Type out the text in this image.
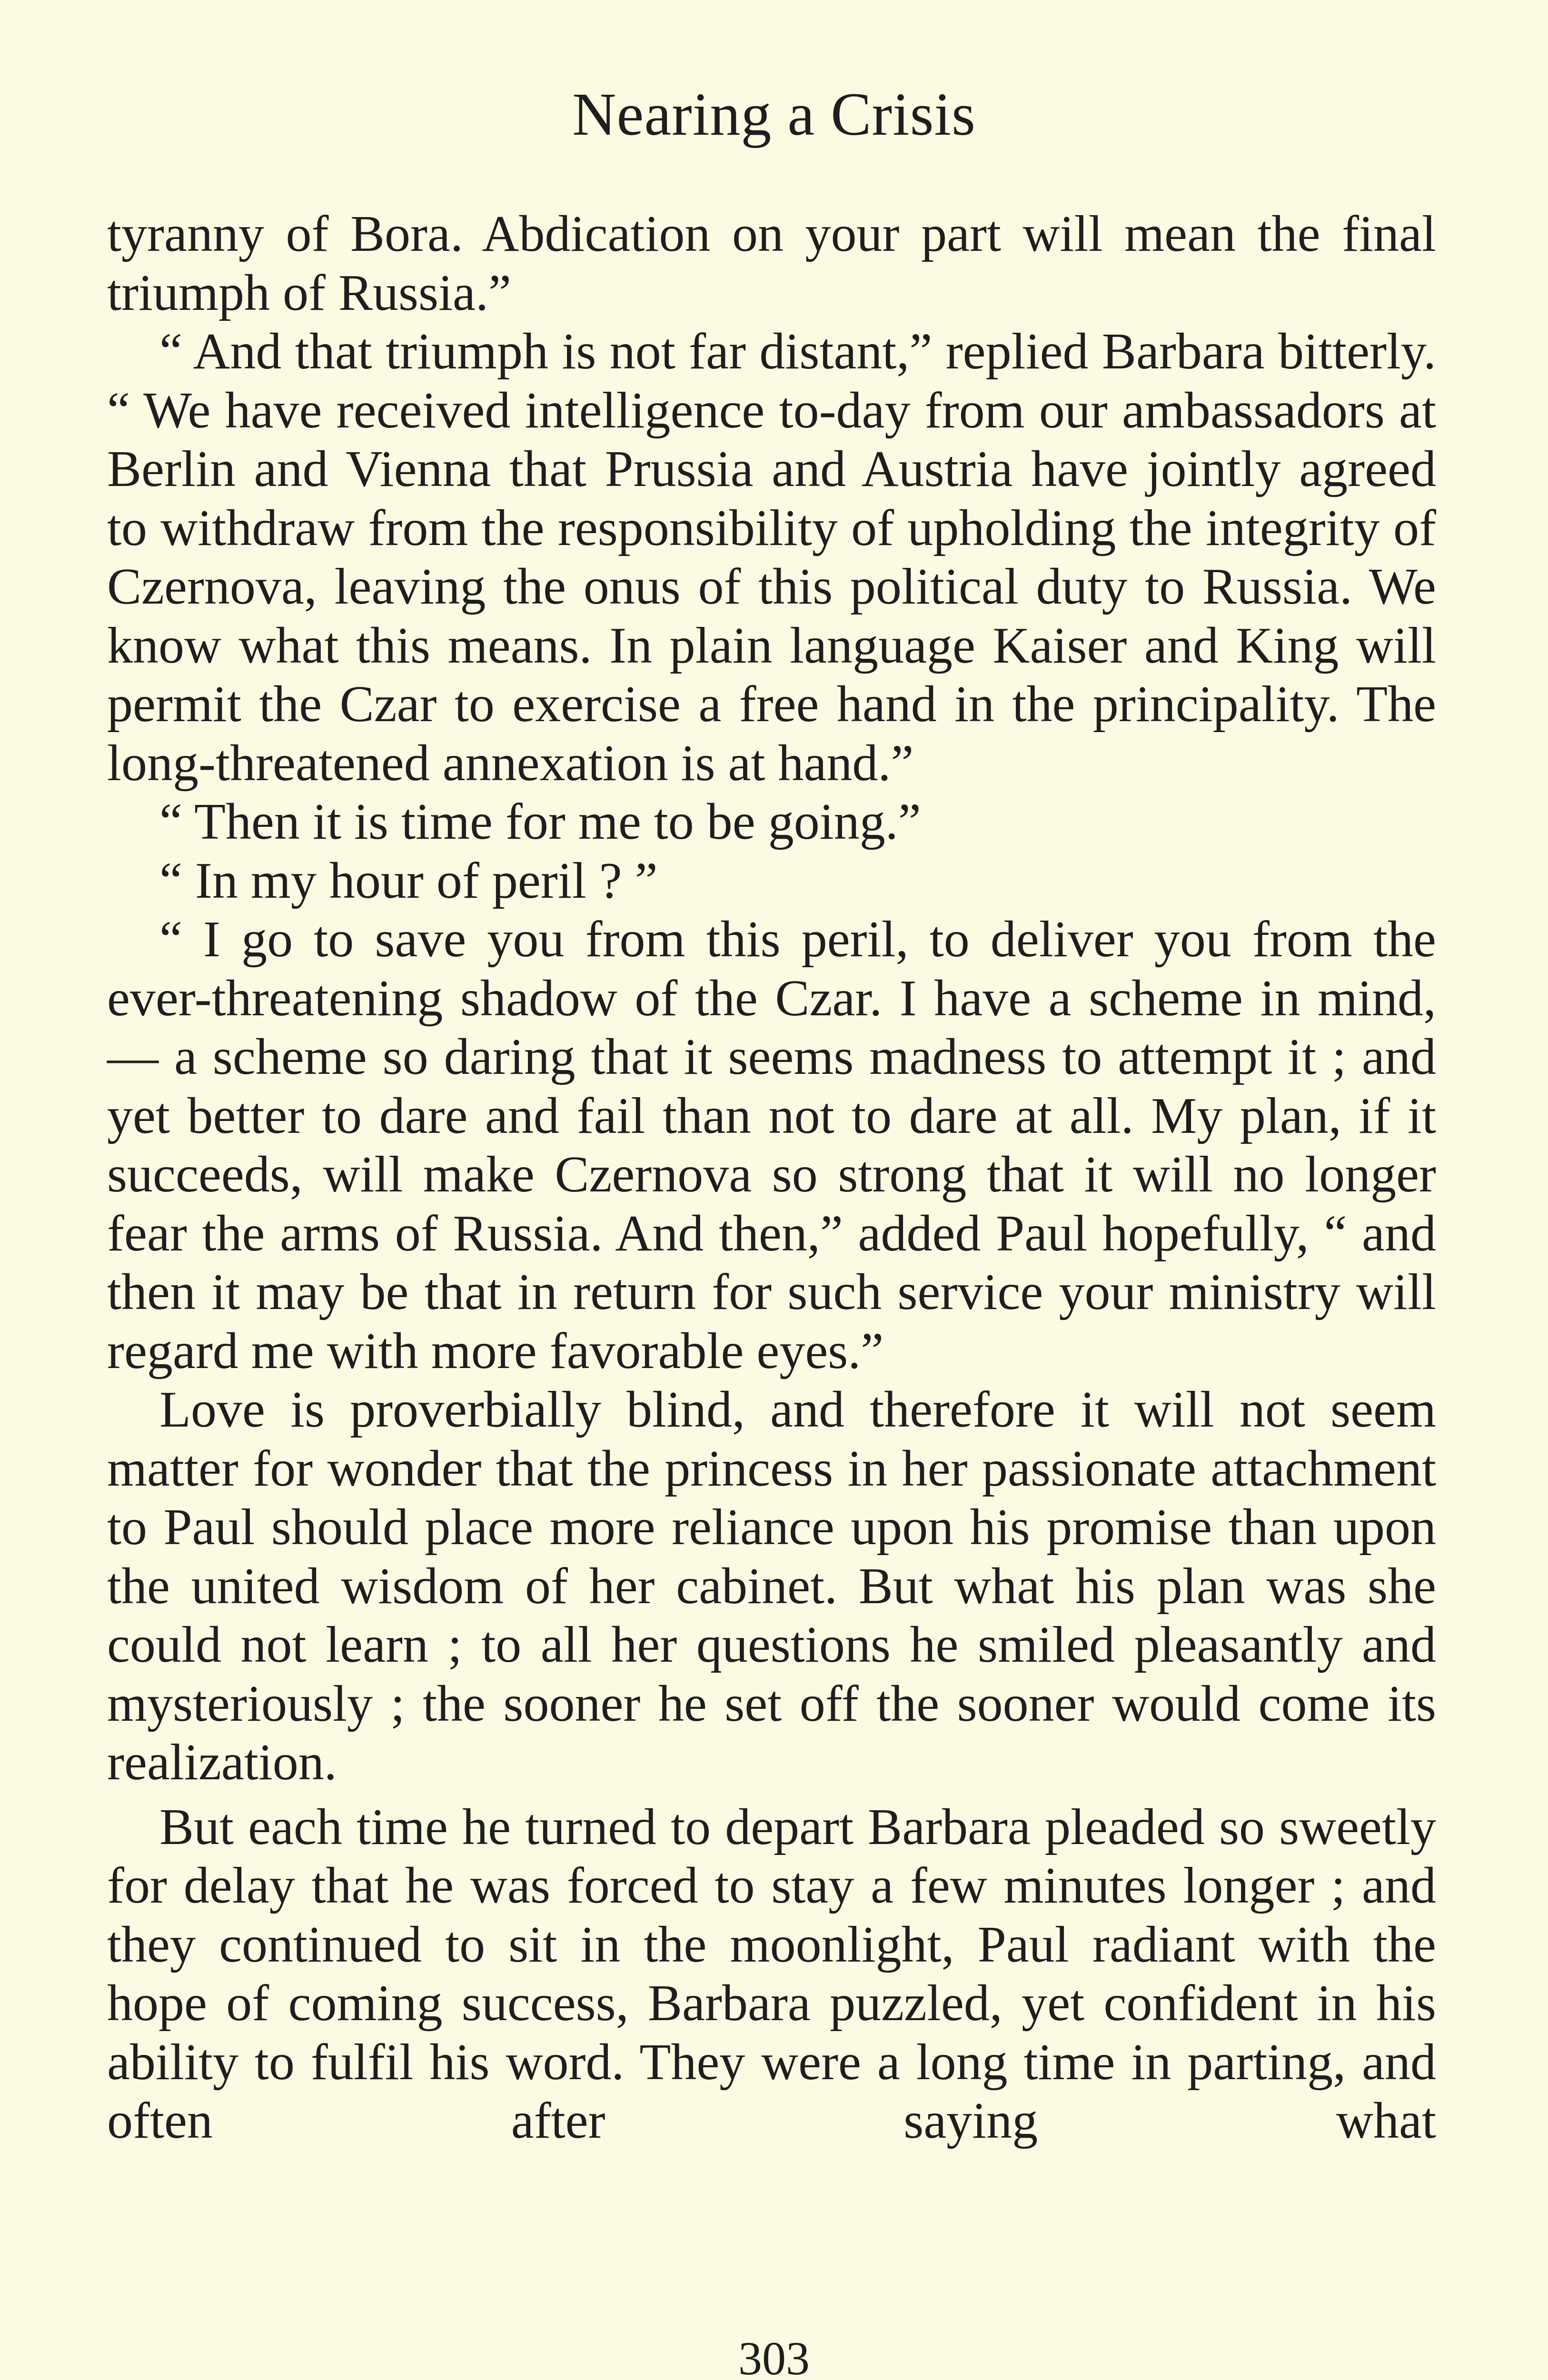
Nearing a Crisis

tyranny of Bora. Abdication on your part will mean the final triumph of Russia.”

“ And that triumph is not far distant,” replied Barbara bitterly. “ We have received intelligence to-day from our ambassadors at Berlin and Vienna that Prussia and Austria have jointly agreed to withdraw from the responsibility of upholding the integrity of Czernova, leaving the onus of this political duty to Russia. We know what this means. In plain language Kaiser and King will permit the Czar to exercise a free hand in the principality. The long-threatened annexation is at hand.”

“ Then it is time for me to be going.”

“ In my hour of peril ? ”

“ I go to save you from this peril, to deliver you from the ever-threatening shadow of the Czar. I have a scheme in mind, — a scheme so daring that it seems madness to attempt it ; and yet better to dare and fail than not to dare at all. My plan, if it succeeds, will make Czernova so strong that it will no longer fear the arms of Russia. And then,” added Paul hopefully, “ and then it may be that in return for such service your ministry will regard me with more favorable eyes.”

Love is proverbially blind, and therefore it will not seem matter for wonder that the princess in her passionate attachment to Paul should place more reliance upon his promise than upon the united wisdom of her cabinet. But what his plan was she could not learn ; to all her questions he smiled pleasantly and mysteriously ; the sooner he set off the sooner would come its realization.

But each time he turned to depart Barbara pleaded so sweetly for delay that he was forced to stay a few minutes longer ; and they continued to sit in the moonlight, Paul radiant with the hope of coming success, Barbara puzzled, yet confident in his ability to fulfil his word. They were a long time in parting, and often after saying what

303
